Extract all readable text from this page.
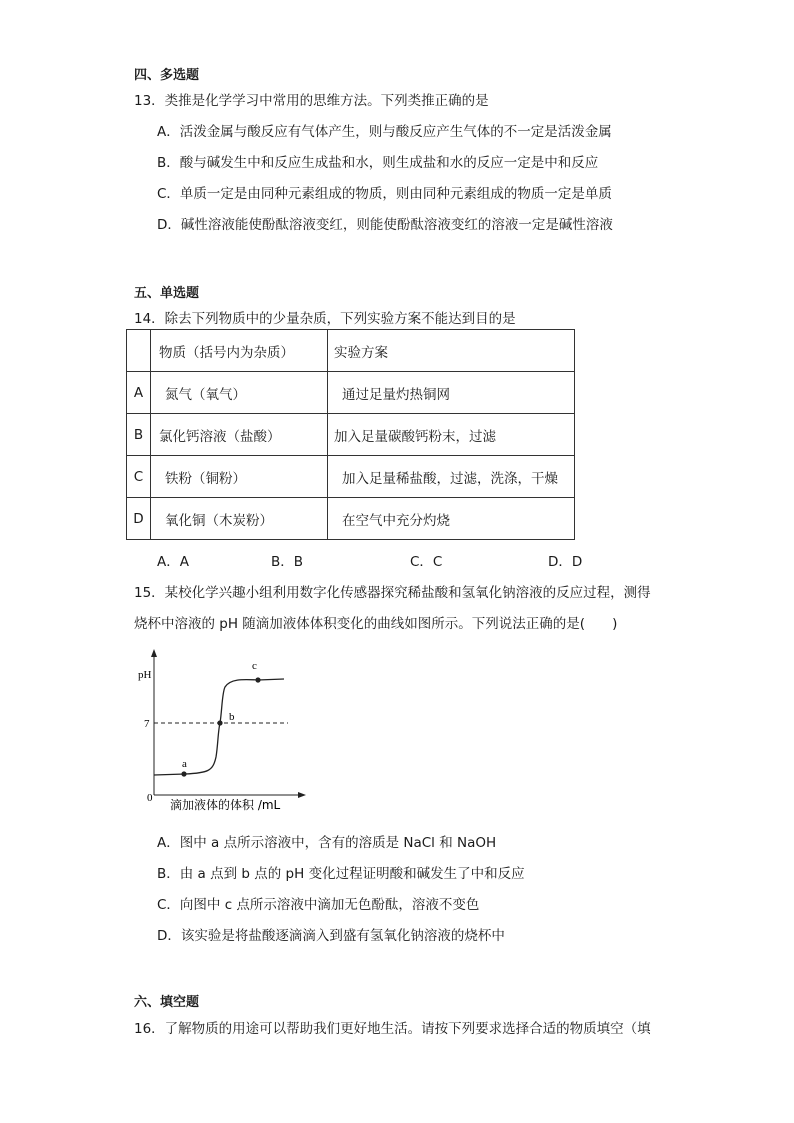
四、多选题
13．类推是化学学习中常用的思维方法。下列类推正确的是
A．活泼金属与酸反应有气体产生，则与酸反应产生气体的不一定是活泼金属
B．酸与碱发生中和反应生成盐和水，则生成盐和水的反应一定是中和反应
C．单质一定是由同种元素组成的物质，则由同种元素组成的物质一定是单质
D．碱性溶液能使酚酞溶液变红，则能使酚酞溶液变红的溶液一定是碱性溶液
五、单选题
14．除去下列物质中的少量杂质，下列实验方案不能达到目的是
	物质（括号内为杂质）	实验方案
A	氮气（氧气）	通过足量灼热铜网
B	氯化钙溶液（盐酸）	加入足量碳酸钙粉末，过滤
C	铁粉（铜粉）	加入足量稀盐酸，过滤，洗涤，干燥
D	氧化铜（木炭粉）	在空气中充分灼烧
A．A	B．B	C．C	D．D
15．某校化学兴趣小组利用数字化传感器探究稀盐酸和氢氧化钠溶液的反应过程，测得
烧杯中溶液的 pH 随滴加液体体积变化的曲线如图所示。下列说法正确的是(　　)
pH
7
0
a
b
c
滴加液体的体积 /mL
A．图中 a 点所示溶液中，含有的溶质是 NaCl 和 NaOH
B．由 a 点到 b 点的 pH 变化过程证明酸和碱发生了中和反应
C．向图中 c 点所示溶液中滴加无色酚酞，溶液不变色
D．该实验是将盐酸逐滴滴入到盛有氢氧化钠溶液的烧杯中
六、填空题
16．了解物质的用途可以帮助我们更好地生活。请按下列要求选择合适的物质填空（填
